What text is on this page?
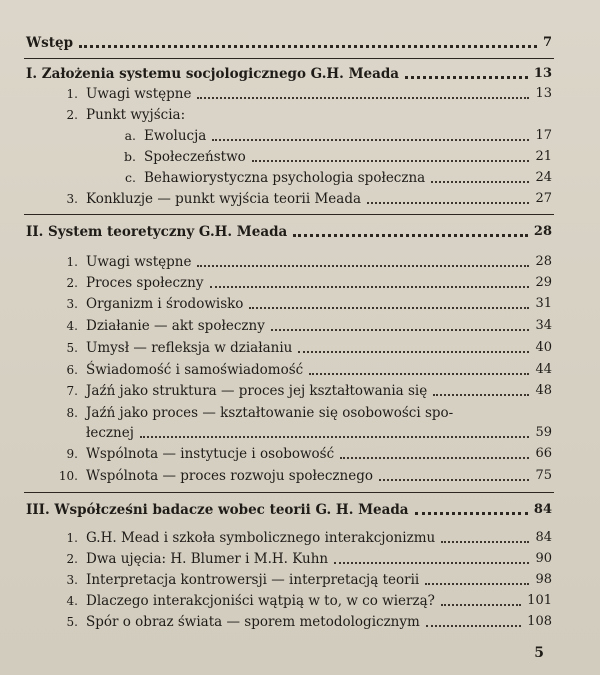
Wstęp	7
I. Założenia systemu socjologicznego G.H. Meada	13
1. Uwagi wstępne	13
2. Punkt wyjścia:
a. Ewolucja	17
b. Społeczeństwo	21
c. Behawiorystyczna psychologia społeczna	24
3. Konkluzje — punkt wyjścia teorii Meada	27
II. System teoretyczny G.H. Meada	28
1. Uwagi wstępne	28
2. Proces społeczny	29
3. Organizm i środowisko	31
4. Działanie — akt społeczny	34
5. Umysł — refleksja w działaniu	40
6. Świadomość i samoświadomość	44
7. Jaźń jako struktura — proces jej kształtowania się	48
8. Jaźń jako proces — kształtowanie się osobowości spo-
łecznej	59
9. Wspólnota — instytucje i osobowość	66
10. Wspólnota — proces rozwoju społecznego	75
III. Współcześni badacze wobec teorii G. H. Meada	84
1. G.H. Mead i szkoła symbolicznego interakcjonizmu	84
2. Dwa ujęcia: H. Blumer i M.H. Kuhn	90
3. Interpretacja kontrowersji — interpretacją teorii	98
4. Dlaczego interakcjoniści wątpią w to, w co wierzą?	101
5. Spór o obraz świata — sporem metodologicznym	108
5
